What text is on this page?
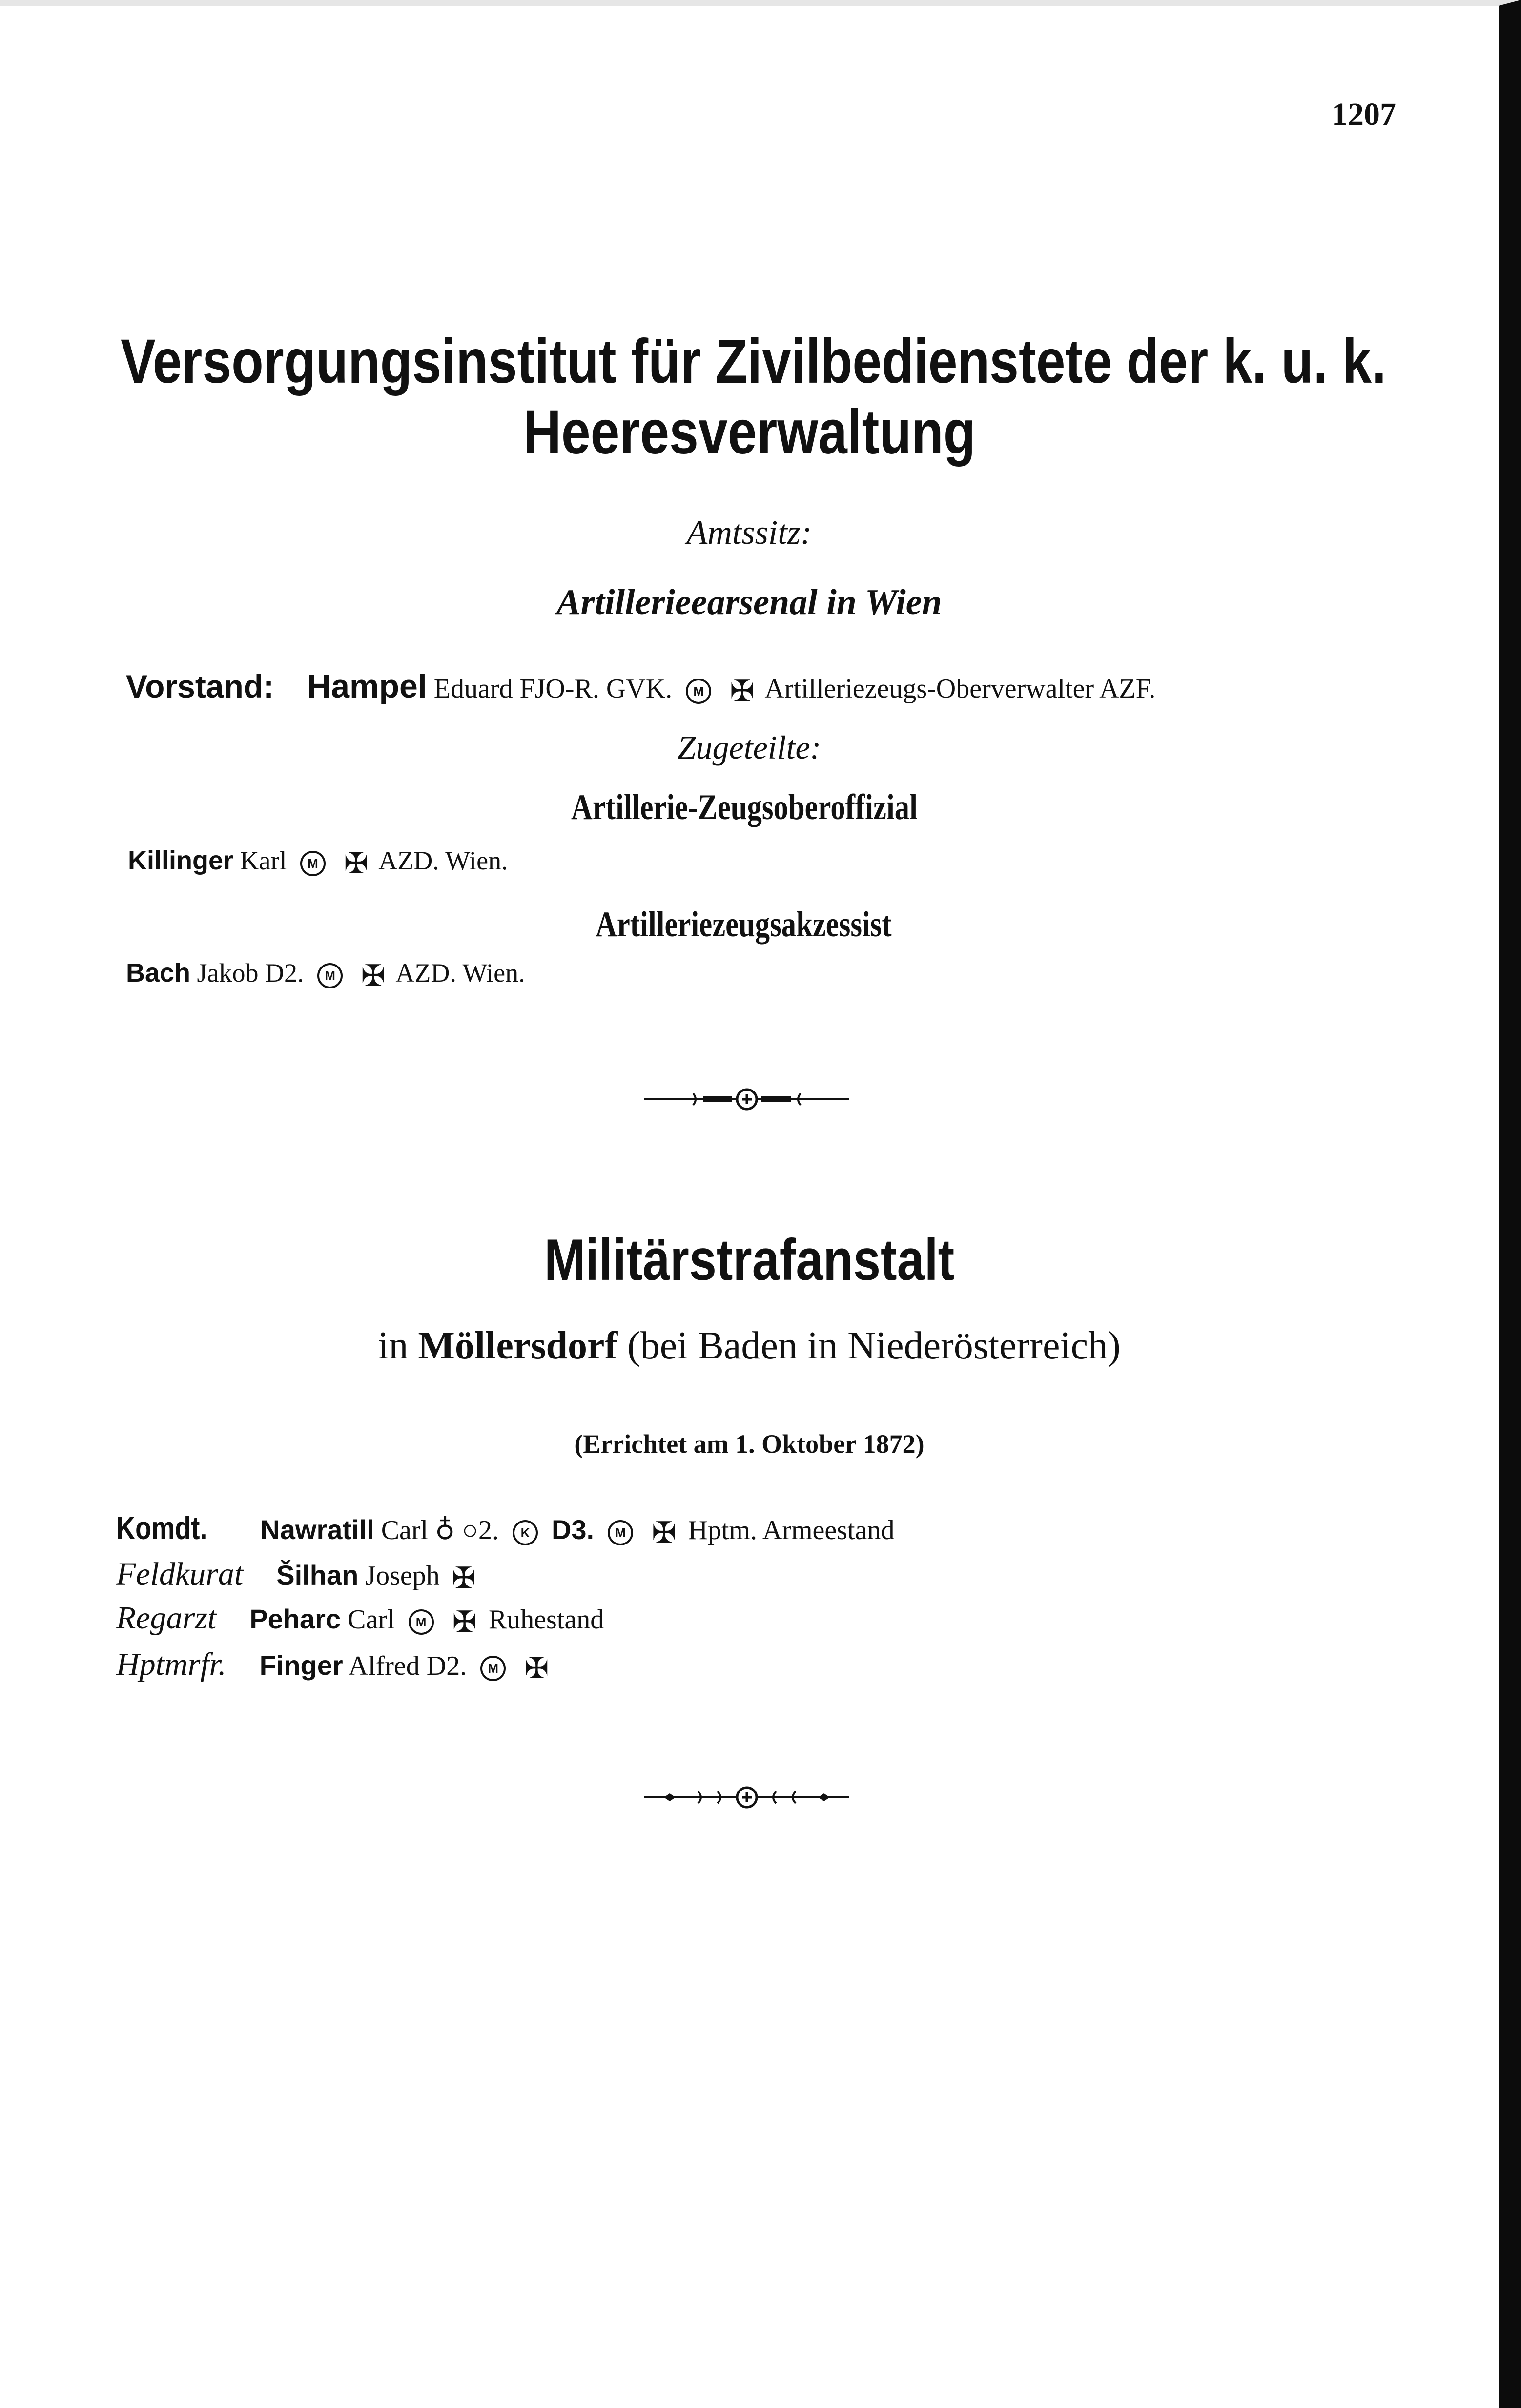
1207
Versorgungsinstitut für Zivilbedienstete der k. u. k.
Heeresverwaltung
Amtssitz:
Artillerieearsenal in Wien
Vorstand: Hampel Eduard FJO-R. GVK. M ✠ Artilleriezeugs-Oberverwalter AZF.
Zugeteilte:
Artillerie-Zeugsoberoffizial
Killinger Karl M ✠ AZD. Wien.
Artilleriezeugsakzessist
Bach Jakob D2. M ✠ AZD. Wien.
Militärstrafanstalt
in Möllersdorf (bei Baden in Niederösterreich)
(Errichtet am 1. Oktober 1872)
Komdt. Nawratill Carl ♁ ○2. K D3. M ✠ Hptm. Armeestand
Feldkurat Šilhan Joseph ✠
Regarzt Peharc Carl M ✠ Ruhestand
Hptmrfr. Finger Alfred D2. M ✠
